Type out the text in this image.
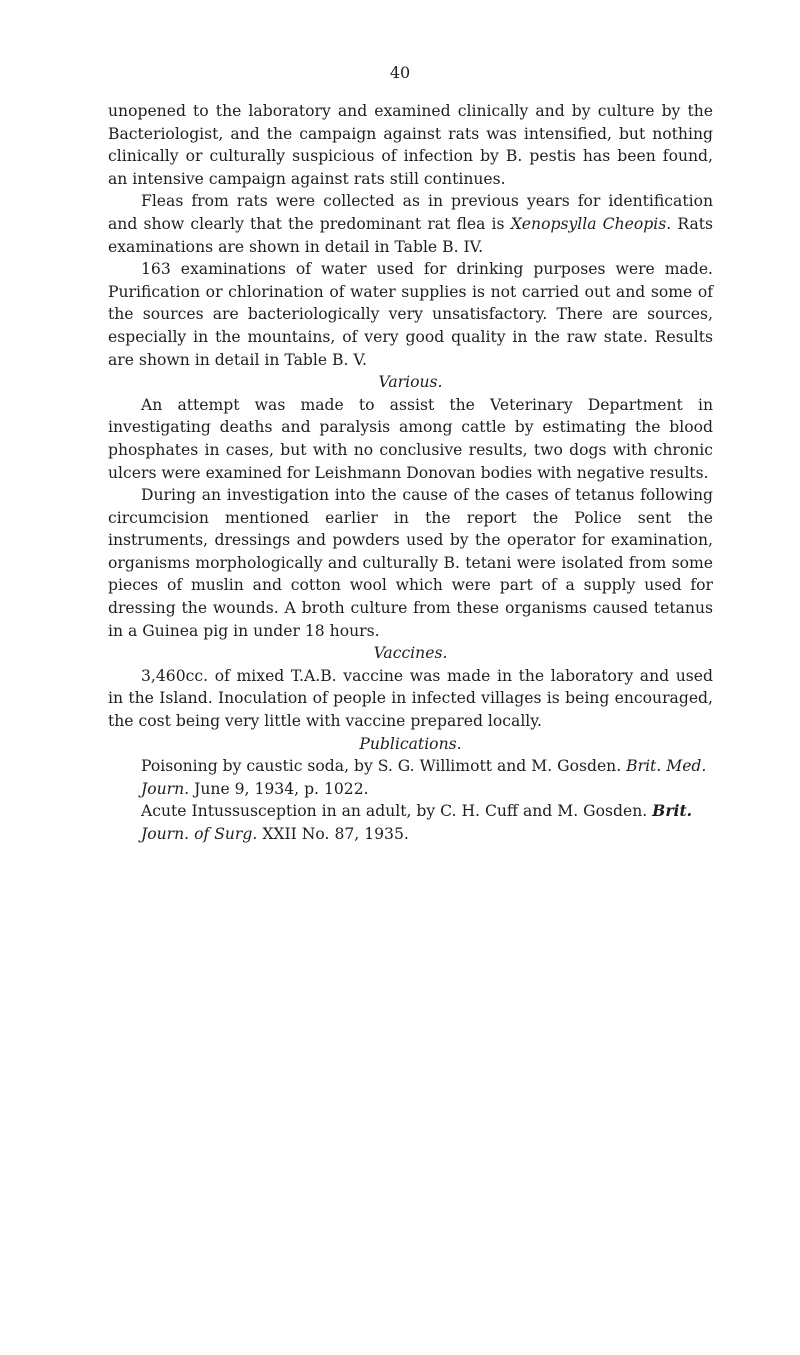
40

unopened to the laboratory and examined clinically and by culture by the Bacteriologist, and the campaign against rats was intensified, but nothing clinically or culturally suspicious of infection by B. pestis has been found, an intensive campaign against rats still continues.

Fleas from rats were collected as in previous years for identification and show clearly that the predominant rat flea is Xenopsylla Cheopis. Rats examinations are shown in detail in Table B. IV.

163 examinations of water used for drinking purposes were made. Purification or chlorination of water supplies is not carried out and some of the sources are bacteriologically very unsatisfactory. There are sources, especially in the mountains, of very good quality in the raw state. Results are shown in detail in Table B. V.

Various.

An attempt was made to assist the Veterinary Department in investigating deaths and paralysis among cattle by estimating the blood phosphates in cases, but with no conclusive results, two dogs with chronic ulcers were examined for Leishmann Donovan bodies with negative results.

During an investigation into the cause of the cases of tetanus following circumcision mentioned earlier in the report the Police sent the instruments, dressings and powders used by the operator for examination, organisms morphologically and culturally B. tetani were isolated from some pieces of muslin and cotton wool which were part of a supply used for dressing the wounds. A broth culture from these organisms caused tetanus in a Guinea pig in under 18 hours.

Vaccines.

3,460cc. of mixed T.A.B. vaccine was made in the laboratory and used in the Island. Inoculation of people in infected villages is being encouraged, the cost being very little with vaccine prepared locally.

Publications.

Poisoning by caustic soda, by S. G. Willimott and M. Gosden. Brit. Med.
Journ. June 9, 1934, p. 1022.

Acute Intussusception in an adult, by C. H. Cuff and M. Gosden. Brit.
Journ. of Surg. XXII No. 87, 1935.
